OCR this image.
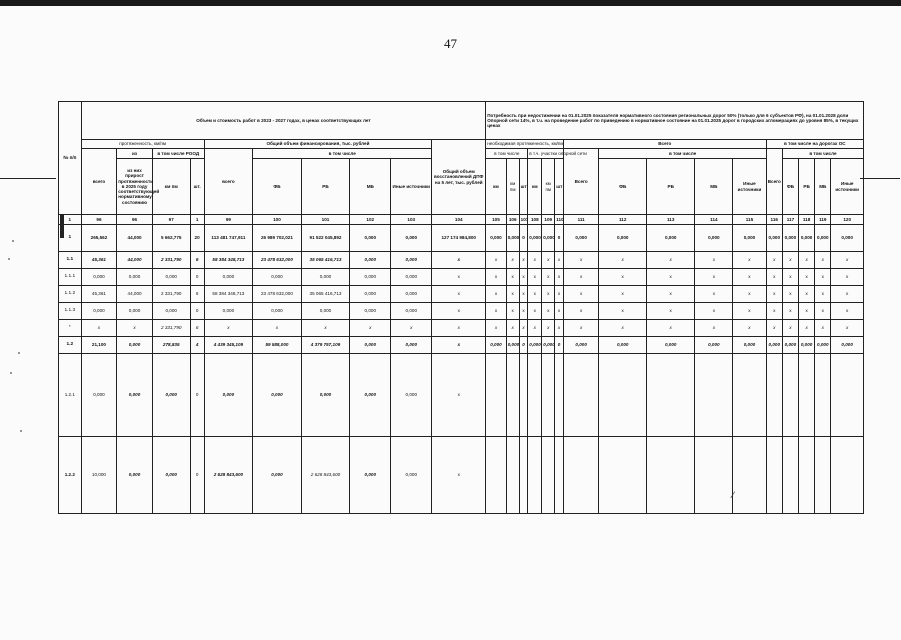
47
№ п/п	Объем и стоимость работ в 2023 - 2027 годах, в ценах соответствующих лет										Потребность при недостижении на 01.01.2025 показателя нормативного состояния региональных дорог 50% (только для 6 субъектов РФ), на 01.01.2028 доли Опорной сети 14%, в т.ч. на проведение работ по приведению в нормативное состояние на 01.01.2025 дорог в городских агломерациях до уровня 85%, в текущих ценах															
	протяженность, км/пм				Общий объем финансирования, тыс. рублей					Общий объем восстановлений ДПФ на 5 лет, тыс. рублей	необходимая протяженность, км/пм						Всего					в том числе на дорогах ОС				
	всего	из	в том числе РООД		всего	в том числе					в том числе			в т.ч. участки опорной сети			Всего	в том числе				Всего	в том числе			
		из них прирост протяженности в 2025 году соответствующей нормативному состоянию	км пм	шт.		ФБ	РБ	МБ	Иные источники		км	км пм	шт	км	км пм	шт		ФБ	РБ	МБ	Иные источники		ФБ	РБ	МБ	Иные источники
1	96	96	97	1	99	100	101	102	103	104	105	106	107	108	109	110	111	112	113	114	115	116	117	118	119	120
1	265,562	44,000	5 662,775	20	113 481 747,911	26 989 702,021	91 522 045,892	0,000	0,000	127 174 984,800	0,000	0,000	0	0,000	0,000	0	0,000	0,000	0,000	0,000	0,000	0,000	0,000	0,000	0,000	0,000
1.1	45,361	44,000	2 331,790	6	58 384 348,713	23 478 632,000	35 065 416,713	0,000	0,000	x	x	x	x	x	x	x	x	x	x	x	x	x	x	x	x	x
1.1.1	0,000	0,000	0,000	0	0,000	0,000	0,000	0,000	0,000	x	x	x	x	x	x	x	x	x	x	x	x	x	x	x	x	x
1.1.2	45,361	44,000	2 331,790	6	58 384 348,713	23 478 632,000	35 065 416,713	0,000	0,000	x	x	x	x	x	x	x	x	x	x	x	x	x	x	x	x	x
1.1.3	0,000	0,000	0,000	0	0,000	0,000	0,000	0,000	0,000	x	x	x	x	x	x	x	x	x	x	x	x	x	x	x	x	x
*	x	x	2 331,790	6	x	x	x	x	x	x	x	x	x	x	x	x	x	x	x	x	x	x	x	x	x	x
1.2	21,100	0,000	278,835	4	4 439 345,109	59 588,000	4 379 757,109	0,000	0,000	x	0,000	0,000	0	0,000	0,000	0	0,000	0,000	0,000	0,000	0,000	0,000	0,000	0,000	0,000	0,000
1.2.1	0,000	0,000	0,000	0	0,000	0,000	0,000	0,000	0,000	x																
1.2.2	10,000	0,000	0,000	0	2 628 843,600	0,000	2 628 843,600	0,000	0,000	x																
⁄
